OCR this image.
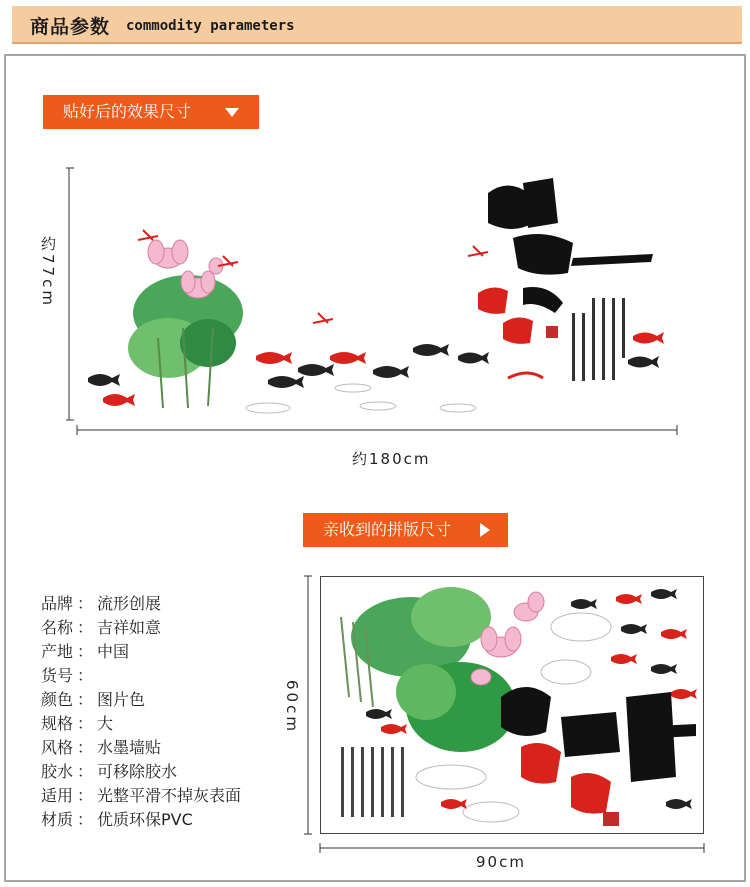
商品参数 commodity parameters
贴好后的效果尺寸
约77cm
约180cm
亲收到的拼版尺寸
品牌 ： 流形创展
名称 ： 吉祥如意
产地 ： 中国
货号 ：
颜色 ： 图片色
规格 ： 大
风格 ： 水墨墙贴
胶水 ： 可移除胶水
适用 ： 光整平滑不掉灰表面
材质 ： 优质环保PVC
60cm
90cm
